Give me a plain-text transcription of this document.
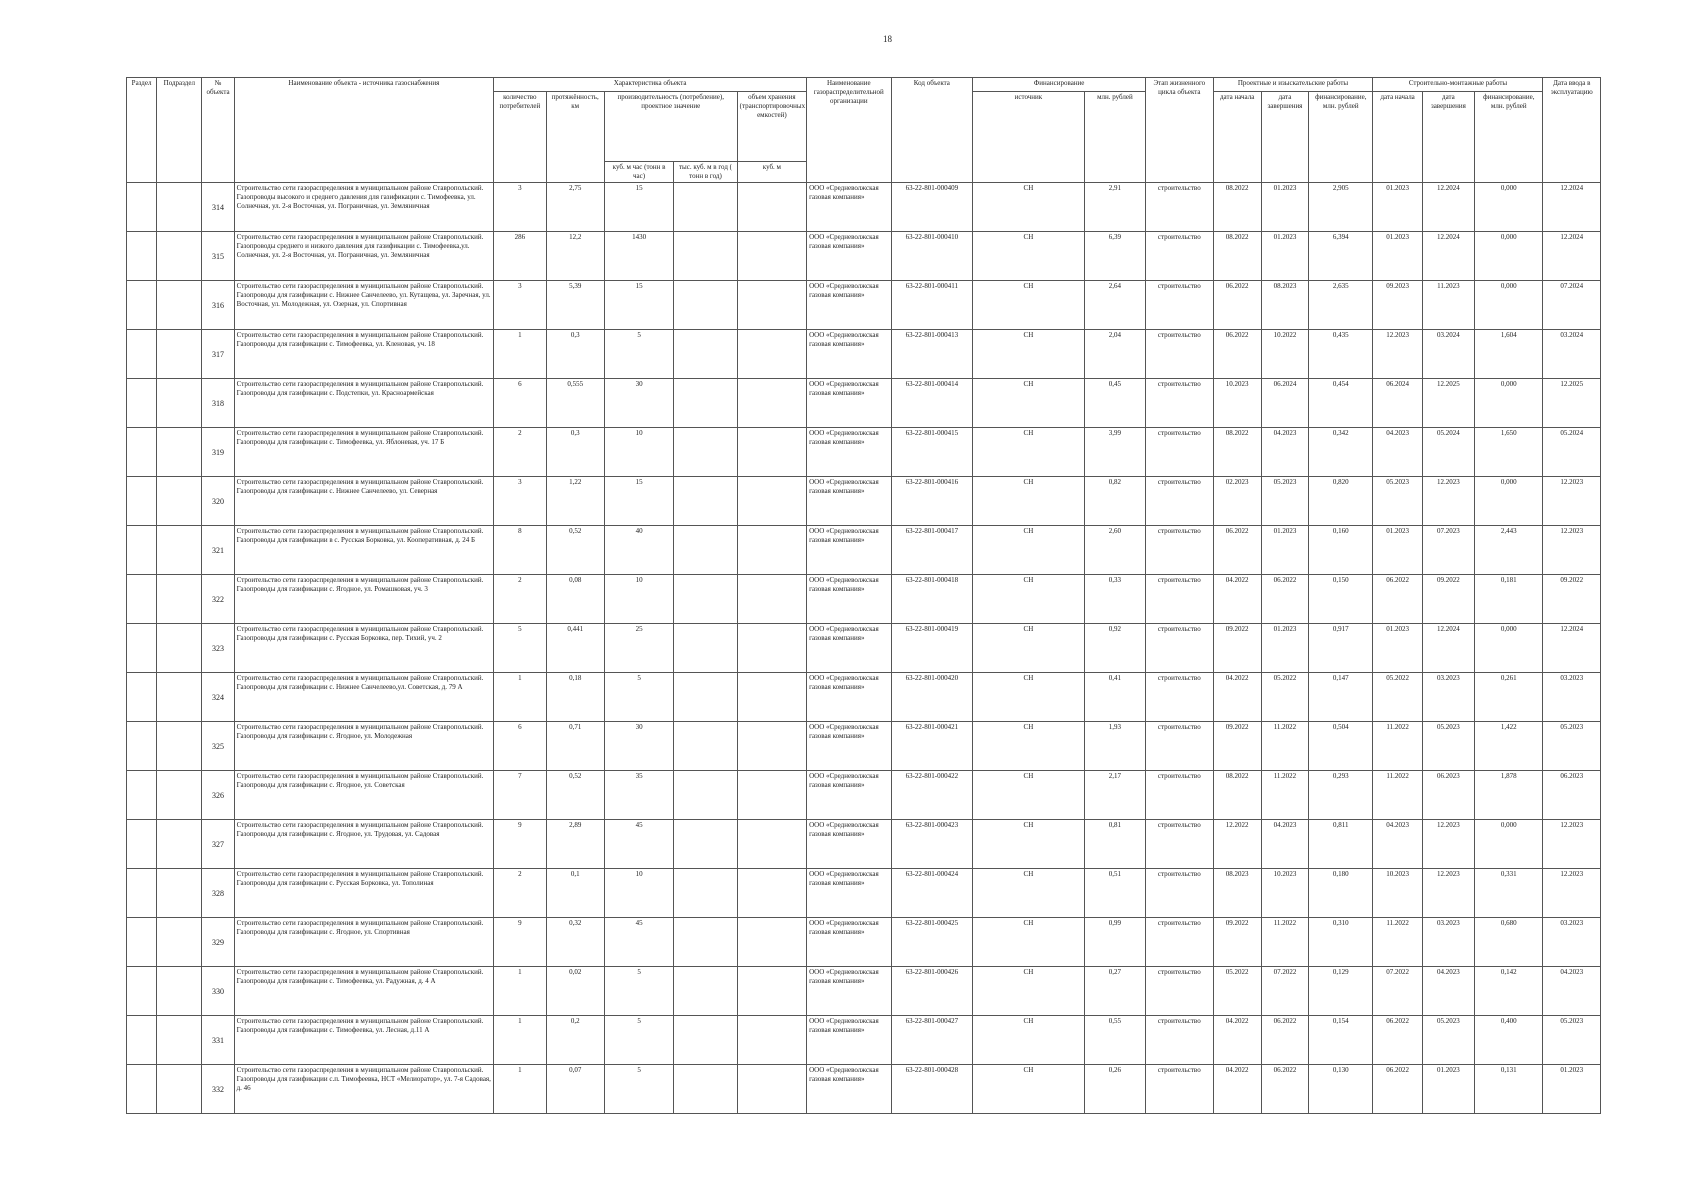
18
Раздел	Подраздел	№ объекта	Наименование объекта - источника газоснабжения	Характеристика объекта					Наименование газораспределительной организации	Код объекта	Финансирование		Этап жизненного цикла объекта	Проектные и изыскательские работы			Строительно-монтажные работы			Дата ввода в эксплуатацию
				количество потребителей	протяжённость, км	производительность (потребление), проектное значение		объем хранения (транспортировочных емкостей)			источник	млн. рублей		дата начала	дата завершения	финансирование, млн. рублей	дата начала	дата завершения	финансирование, млн. рублей	
						куб. м час (тонн в час)	тыс. куб. м в год ( тонн в год)	куб. м												
		314	Строительство сети газораспределения в муниципальном районе Ставропольский. Газопроводы высокого и среднего давления для газификации с. Тимофеевка, ул. Солнечная, ул. 2-я Восточная, ул. Пограничная, ул. Земляничная	3	2,75	15			ООО «Средневолжская газовая компания»	63-22-801-000409	СН	2,91	строительство	08.2022	01.2023	2,905	01.2023	12.2024	0,000	12.2024
		315	Строительство сети газораспределения в муниципальном районе Ставропольский. Газопроводы среднего и низкого давления для газификации с. Тимофеевка,ул. Солнечная, ул. 2-я Восточная, ул. Пограничная, ул. Земляничная	286	12,2	1430			ООО «Средневолжская газовая компания»	63-22-801-000410	СН	6,39	строительство	08.2022	01.2023	6,394	01.2023	12.2024	0,000	12.2024
		316	Строительство сети газораспределения в муниципальном районе Ставропольский. Газопроводы для газификации с. Нижнее Санчелеево, ул. Кутащева, ул. Заречная, ул. Восточная, ул. Молодежная, ул. Озерная, ул. Спортивная	3	5,39	15			ООО «Средневолжская газовая компания»	63-22-801-000411	СН	2,64	строительство	06.2022	08.2023	2,635	09.2023	11.2023	0,000	07.2024
		317	Строительство сети газораспределения в муниципальном районе Ставропольский. Газопроводы для газификации с. Тимофеевка, ул. Кленовая, уч. 18	1	0,3	5			ООО «Средневолжская газовая компания»	63-22-801-000413	СН	2,04	строительство	06.2022	10.2022	0,435	12.2023	03.2024	1,604	03.2024
		318	Строительство сети газораспределения в муниципальном районе Ставропольский. Газопроводы для газификации с. Подстепки, ул. Красноармейская	6	0,555	30			ООО «Средневолжская газовая компания»	63-22-801-000414	СН	0,45	строительство	10.2023	06.2024	0,454	06.2024	12.2025	0,000	12.2025
		319	Строительство сети газораспределения в муниципальном районе Ставропольский. Газопроводы для газификации с. Тимофеевка, ул. Яблоневая, уч. 17 Б	2	0,3	10			ООО «Средневолжская газовая компания»	63-22-801-000415	СН	3,99	строительство	08.2022	04.2023	0,342	04.2023	05.2024	1,650	05.2024
		320	Строительство сети газораспределения в муниципальном районе Ставропольский. Газопроводы для газификации с. Нижнее Санчелеево, ул. Северная	3	1,22	15			ООО «Средневолжская газовая компания»	63-22-801-000416	СН	0,82	строительство	02.2023	05.2023	0,820	05.2023	12.2023	0,000	12.2023
		321	Строительство сети газораспределения в муниципальном районе Ставропольский. Газопроводы для газификации в с. Русская Борковка, ул. Кооперативная, д. 24 Б	8	0,52	40			ООО «Средневолжская газовая компания»	63-22-801-000417	СН	2,60	строительство	06.2022	01.2023	0,160	01.2023	07.2023	2,443	12.2023
		322	Строительство сети газораспределения в муниципальном районе Ставропольский. Газопроводы для газификации с. Ягодное, ул. Ромашковая, уч. 3	2	0,08	10			ООО «Средневолжская газовая компания»	63-22-801-000418	СН	0,33	строительство	04.2022	06.2022	0,150	06.2022	09.2022	0,181	09.2022
		323	Строительство сети газораспределения в муниципальном районе Ставропольский. Газопроводы для газификации с. Русская Борковка, пер. Тихий, уч. 2	5	0,441	25			ООО «Средневолжская газовая компания»	63-22-801-000419	СН	0,92	строительство	09.2022	01.2023	0,917	01.2023	12.2024	0,000	12.2024
		324	Строительство сети газораспределения в муниципальном районе Ставропольский. Газопроводы для газификации с. Нижнее Санчелеево,ул. Советская, д. 79 А	1	0,18	5			ООО «Средневолжская газовая компания»	63-22-801-000420	СН	0,41	строительство	04.2022	05.2022	0,147	05.2022	03.2023	0,261	03.2023
		325	Строительство сети газораспределения в муниципальном районе Ставропольский. Газопроводы для газификации с. Ягодное, ул. Молодежная	6	0,71	30			ООО «Средневолжская газовая компания»	63-22-801-000421	СН	1,93	строительство	09.2022	11.2022	0,504	11.2022	05.2023	1,422	05.2023
		326	Строительство сети газораспределения в муниципальном районе Ставропольский. Газопроводы для газификации с. Ягодное, ул. Советская	7	0,52	35			ООО «Средневолжская газовая компания»	63-22-801-000422	СН	2,17	строительство	08.2022	11.2022	0,293	11.2022	06.2023	1,878	06.2023
		327	Строительство сети газораспределения в муниципальном районе Ставропольский. Газопроводы для газификации с. Ягодное, ул. Трудовая, ул. Садовая	9	2,89	45			ООО «Средневолжская газовая компания»	63-22-801-000423	СН	0,81	строительство	12.2022	04.2023	0,811	04.2023	12.2023	0,000	12.2023
		328	Строительство сети газораспределения в муниципальном районе Ставропольский. Газопроводы для газификации с. Русская Борковка, ул. Тополиная	2	0,1	10			ООО «Средневолжская газовая компания»	63-22-801-000424	СН	0,51	строительство	08.2023	10.2023	0,180	10.2023	12.2023	0,331	12.2023
		329	Строительство сети газораспределения в муниципальном районе Ставропольский. Газопроводы для газификации с. Ягодное, ул. Спортивная	9	0,32	45			ООО «Средневолжская газовая компания»	63-22-801-000425	СН	0,99	строительство	09.2022	11.2022	0,310	11.2022	03.2023	0,680	03.2023
		330	Строительство сети газораспределения в муниципальном районе Ставропольский. Газопроводы для газификации с. Тимофеевка, ул. Радужная, д. 4 А	1	0,02	5			ООО «Средневолжская газовая компания»	63-22-801-000426	СН	0,27	строительство	05.2022	07.2022	0,129	07.2022	04.2023	0,142	04.2023
		331	Строительство сети газораспределения в муниципальном районе Ставропольский. Газопроводы для газификации с. Тимофеевка, ул. Лесная, д.11 А	1	0,2	5			ООО «Средневолжская газовая компания»	63-22-801-000427	СН	0,55	строительство	04.2022	06.2022	0,154	06.2022	05.2023	0,400	05.2023
		332	Строительство сети газораспределения в муниципальном районе Ставропольский. Газопроводы для газификации с.п. Тимофеевка, НСТ «Мелиоратор», ул. 7-я Садовая, д. 46	1	0,07	5			ООО «Средневолжская газовая компания»	63-22-801-000428	СН	0,26	строительство	04.2022	06.2022	0,130	06.2022	01.2023	0,131	01.2023
